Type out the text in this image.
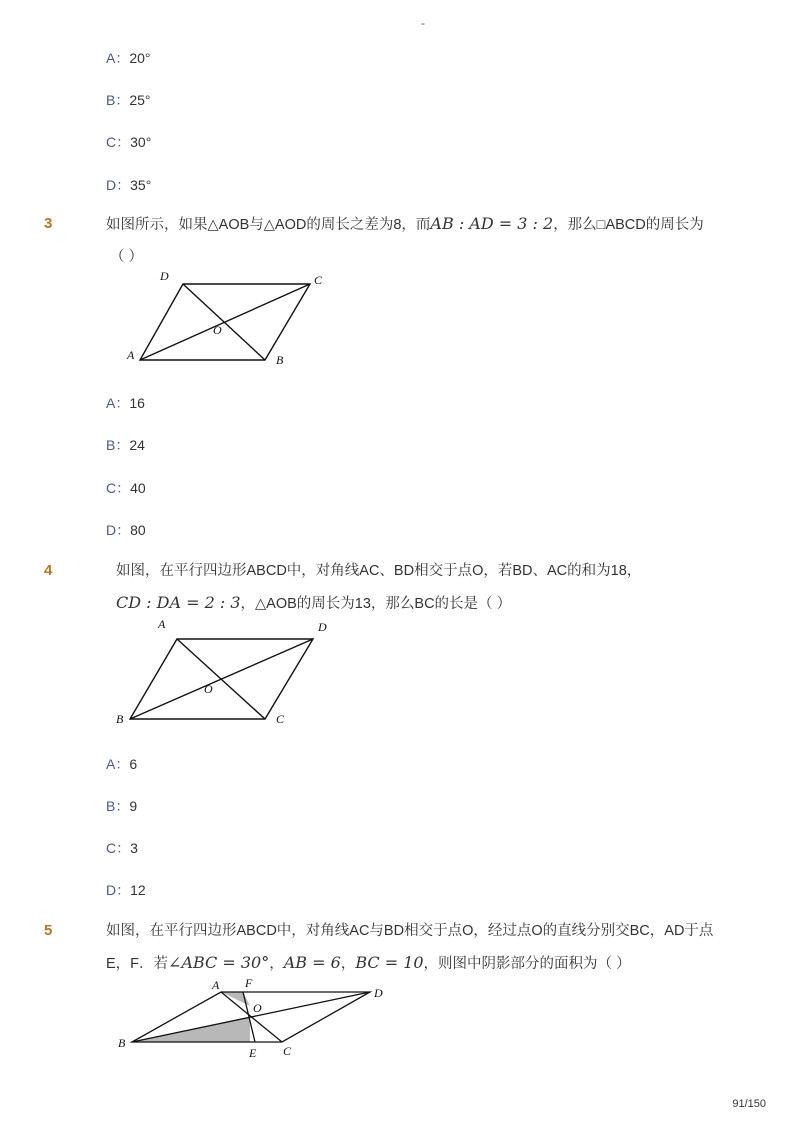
-
A：20°
B：25°
C：30°
D：35°
3	如图所示，如果△AOB与△AOD的周长之差为8，而AB : AD = 3 : 2，那么□ABCD的周长为
（ ）
D	C
O
A	B
A：16
B：24
C：40
D：80
4	如图，在平行四边形ABCD中，对角线AC、BD相交于点O，若BD、AC的和为18，
CD : DA = 2 : 3，△AOB的周长为13，那么BC的长是（ ）
A	D
O
B	C
A：6
B：9
C：3
D：12
5	如图，在平行四边形ABCD中，对角线AC与BD相交于点O，经过点O的直线分别交BC，AD于点
E，F．若∠ABC = 30°，AB = 6，BC = 10，则图中阴影部分的面积为（ ）
A F
O
D
B
E C
91/150
